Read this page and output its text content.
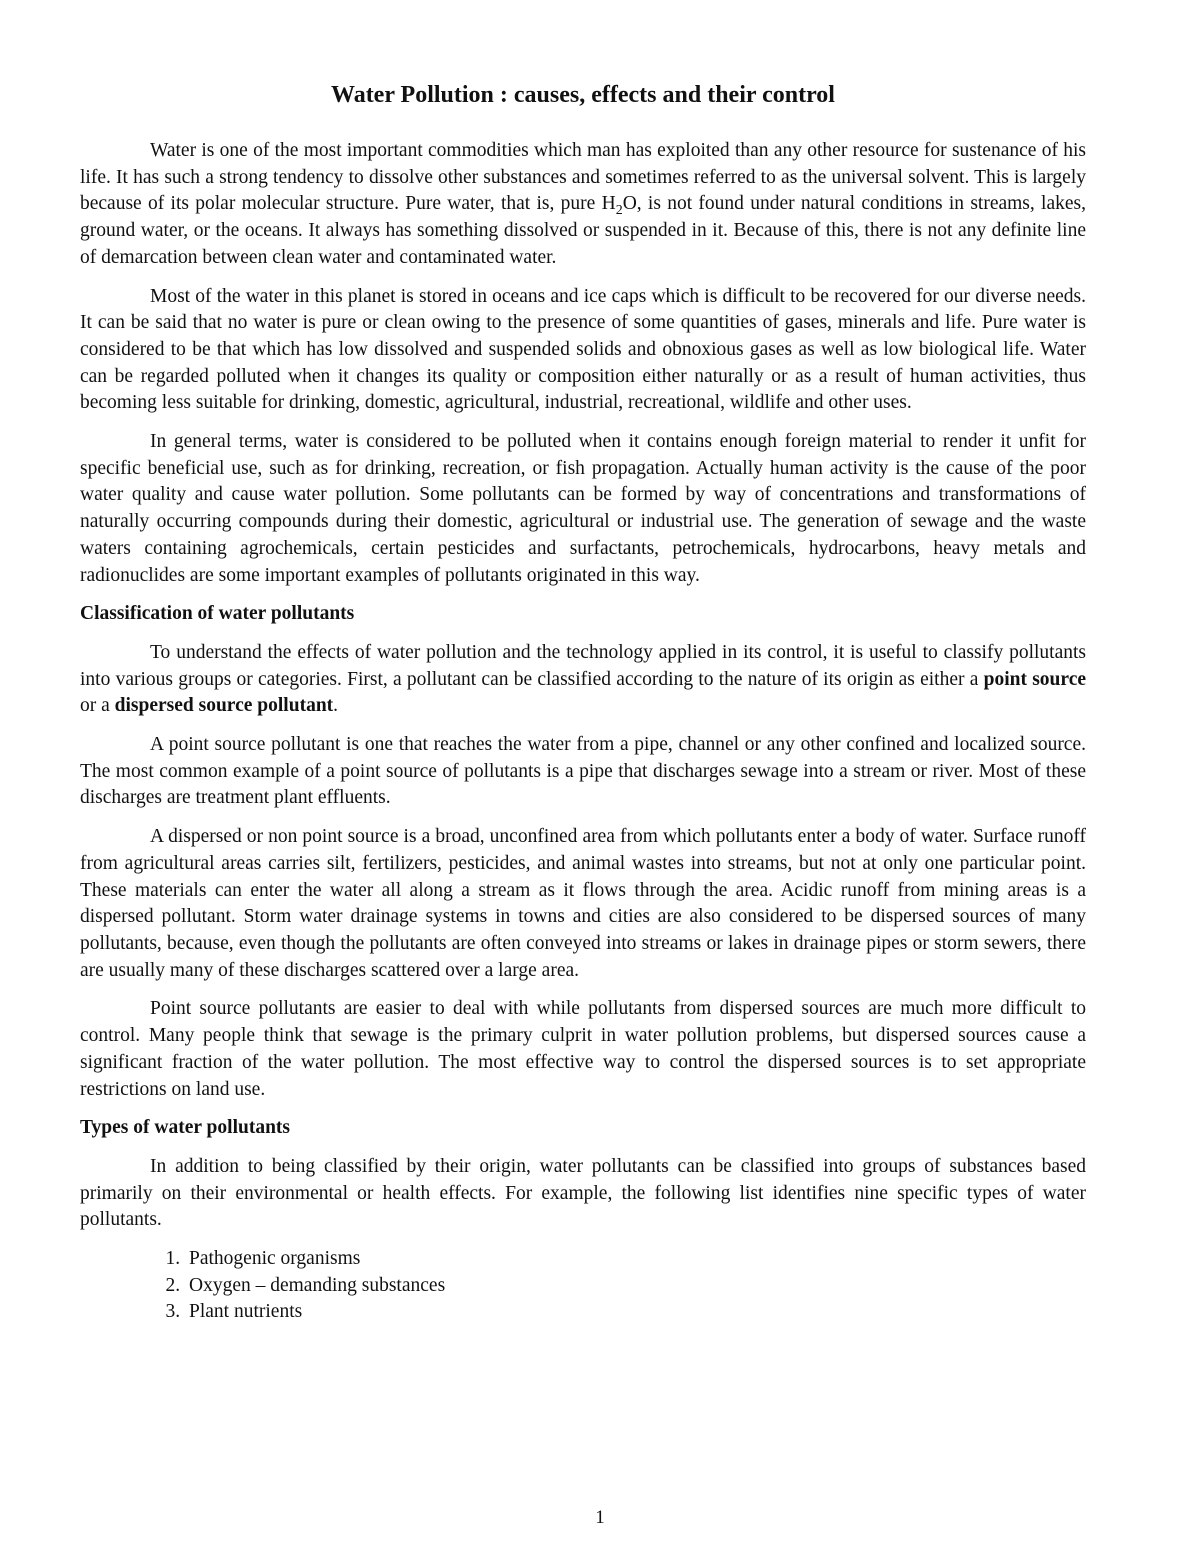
Water Pollution : causes, effects and their control

Water is one of the most important commodities which man has exploited than any other resource for sustenance of his life. It has such a strong tendency to dissolve other substances and sometimes referred to as the universal solvent. This is largely because of its polar molecular structure. Pure water, that is, pure $H_2O$, is not found under natural conditions in streams, lakes, ground water, or the oceans. It always has something dissolved or suspended in it. Because of this, there is not any definite line of demarcation between clean water and contaminated water.

Most of the water in this planet is stored in oceans and ice caps which is difficult to be recovered for our diverse needs. It can be said that no water is pure or clean owing to the presence of some quantities of gases, minerals and life. Pure water is considered to be that which has low dissolved and suspended solids and obnoxious gases as well as low biological life. Water can be regarded polluted when it changes its quality or composition either naturally or as a result of human activities, thus becoming less suitable for drinking, domestic, agricultural, industrial, recreational, wildlife and other uses.

In general terms, water is considered to be polluted when it contains enough foreign material to render it unfit for specific beneficial use, such as for drinking, recreation, or fish propagation. Actually human activity is the cause of the poor water quality and cause water pollution. Some pollutants can be formed by way of concentrations and transformations of naturally occurring compounds during their domestic, agricultural or industrial use. The generation of sewage and the waste waters containing agrochemicals, certain pesticides and surfactants, petrochemicals, hydrocarbons, heavy metals and radionuclides are some important examples of pollutants originated in this way.

Classification of water pollutants

To understand the effects of water pollution and the technology applied in its control, it is useful to classify pollutants into various groups or categories. First, a pollutant can be classified according to the nature of its origin as either a point source or a dispersed source pollutant.

A point source pollutant is one that reaches the water from a pipe, channel or any other confined and localized source. The most common example of a point source of pollutants is a pipe that discharges sewage into a stream or river. Most of these discharges are treatment plant effluents.

A dispersed or non point source is a broad, unconfined area from which pollutants enter a body of water. Surface runoff from agricultural areas carries silt, fertilizers, pesticides, and animal wastes into streams, but not at only one particular point. These materials can enter the water all along a stream as it flows through the area. Acidic runoff from mining areas is a dispersed pollutant. Storm water drainage systems in towns and cities are also considered to be dispersed sources of many pollutants, because, even though the pollutants are often conveyed into streams or lakes in drainage pipes or storm sewers, there are usually many of these discharges scattered over a large area.

Point source pollutants are easier to deal with while pollutants from dispersed sources are much more difficult to control. Many people think that sewage is the primary culprit in water pollution problems, but dispersed sources cause a significant fraction of the water pollution. The most effective way to control the dispersed sources is to set appropriate restrictions on land use.

Types of water pollutants

In addition to being classified by their origin, water pollutants can be classified into groups of substances based primarily on their environmental or health effects. For example, the following list identifies nine specific types of water pollutants.

1. Pathogenic organisms
2. Oxygen – demanding substances
3. Plant nutrients
1
